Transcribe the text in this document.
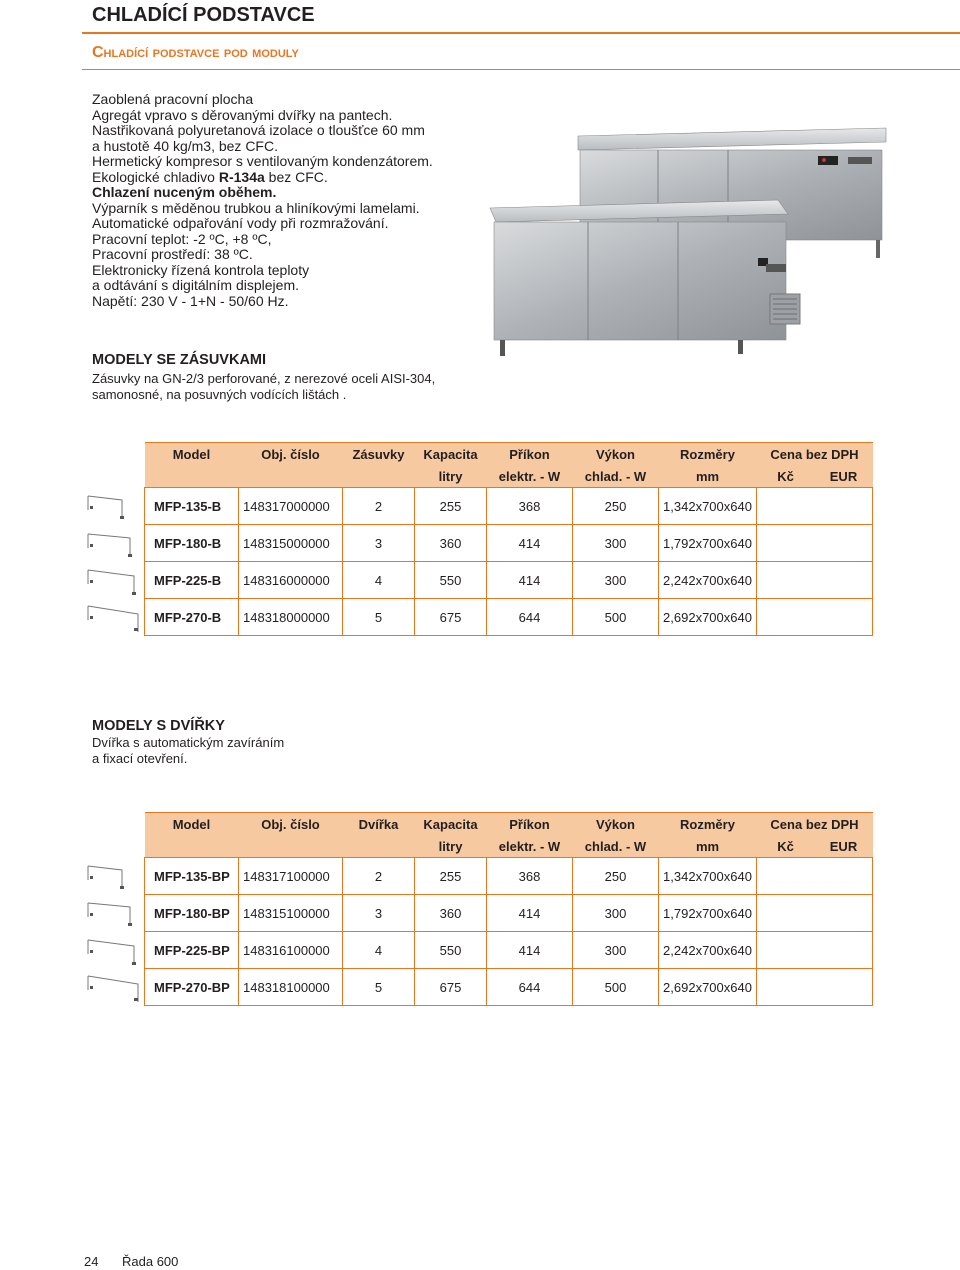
CHLADÍCÍ PODSTAVCE
Chladící podstavce pod moduly
Zaoblená pracovní plocha
Agregát vpravo s děrovanými dvířky na pantech.
Nastřikovaná polyuretanová izolace o tloušťce 60 mm
a hustotě 40 kg/m3, bez CFC.
Hermetický kompresor s ventilovaným kondenzátorem.
Ekologické chladivo R-134a bez CFC.
Chlazení nuceným oběhem.
Výparník s měděnou trubkou a hliníkovými lamelami.
Automatické odpařování vody při rozmražování.
Pracovní teplot: -2 ºC, +8 ºC,
Pracovní prostředí: 38 ºC.
Elektronicky řízená kontrola teploty
a odtávání s digitálním displejem.
Napětí: 230 V - 1+N - 50/60 Hz.
MODELY SE ZÁSUVKAMI
Zásuvky na GN-2/3 perforované, z nerezové oceli AISI-304,
samonosné, na posuvných vodících lištách .
Model	Obj. číslo	Zásuvky	Kapacita	Příkon	Výkon	Rozměry	Cena bez DPH	
			litry	elektr. - W	chlad. - W	mm	Kč	EUR
MFP-135-B	148317000000	2	255	368	250	1,342x700x640		
MFP-180-B	148315000000	3	360	414	300	1,792x700x640		
MFP-225-B	148316000000	4	550	414	300	2,242x700x640		
MFP-270-B	148318000000	5	675	644	500	2,692x700x640		
MODELY S DVÍŘKY
Dvířka s automatickým zavíráním
a fixací otevření.
Model	Obj. číslo	Dvířka	Kapacita	Příkon	Výkon	Rozměry	Cena bez DPH	
			litry	elektr. - W	chlad. - W	mm	Kč	EUR
MFP-135-BP	148317100000	2	255	368	250	1,342x700x640		
MFP-180-BP	148315100000	3	360	414	300	1,792x700x640		
MFP-225-BP	148316100000	4	550	414	300	2,242x700x640		
MFP-270-BP	148318100000	5	675	644	500	2,692x700x640		
24 Řada 600
